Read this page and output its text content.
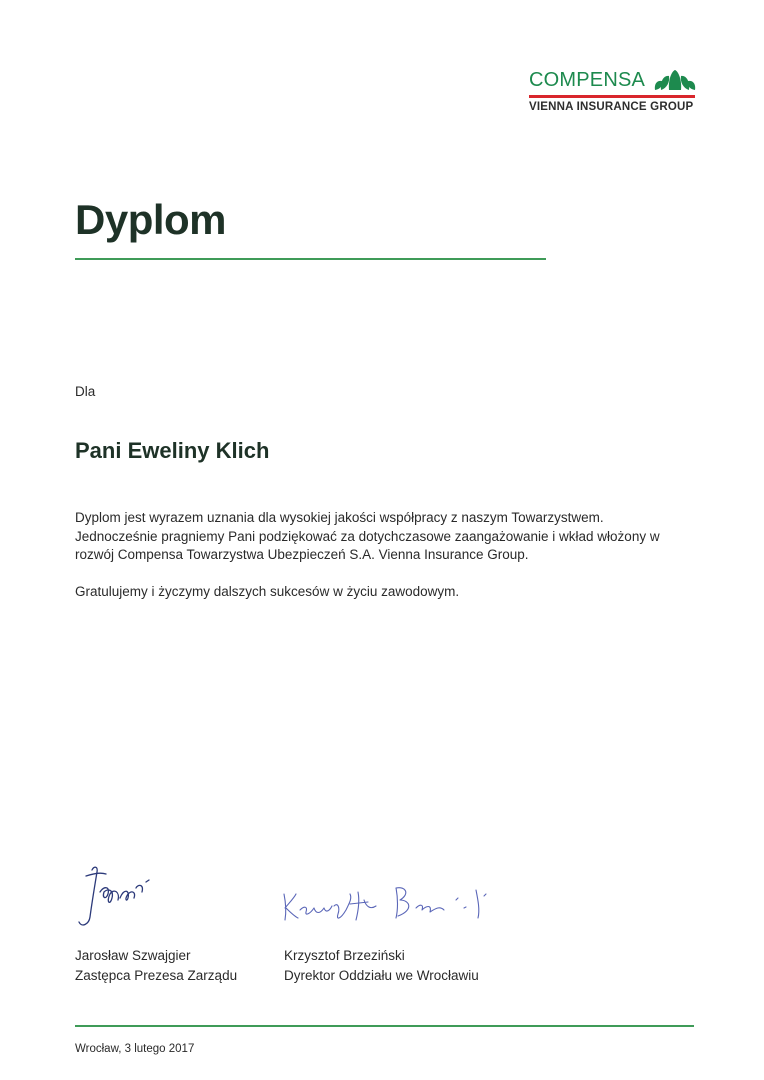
COMPENSA
VIENNA INSURANCE GROUP
Dyplom
Dla
Pani Eweliny Klich

Dyplom jest wyrazem uznania dla wysokiej jakości współpracy z naszym Towarzystwem. Jednocześnie pragniemy Pani podziękować za dotychczasowe zaangażowanie i wkład włożony w rozwój Compensa Towarzystwa Ubezpieczeń S.A. Vienna Insurance Group.

Gratulujemy i życzymy dalszych sukcesów w życiu zawodowym.

Jarosław Szwajgier
Zastępca Prezesa Zarządu
Krzysztof Brzeziński
Dyrektor Oddziału we Wrocławiu
Wrocław, 3 lutego 2017
